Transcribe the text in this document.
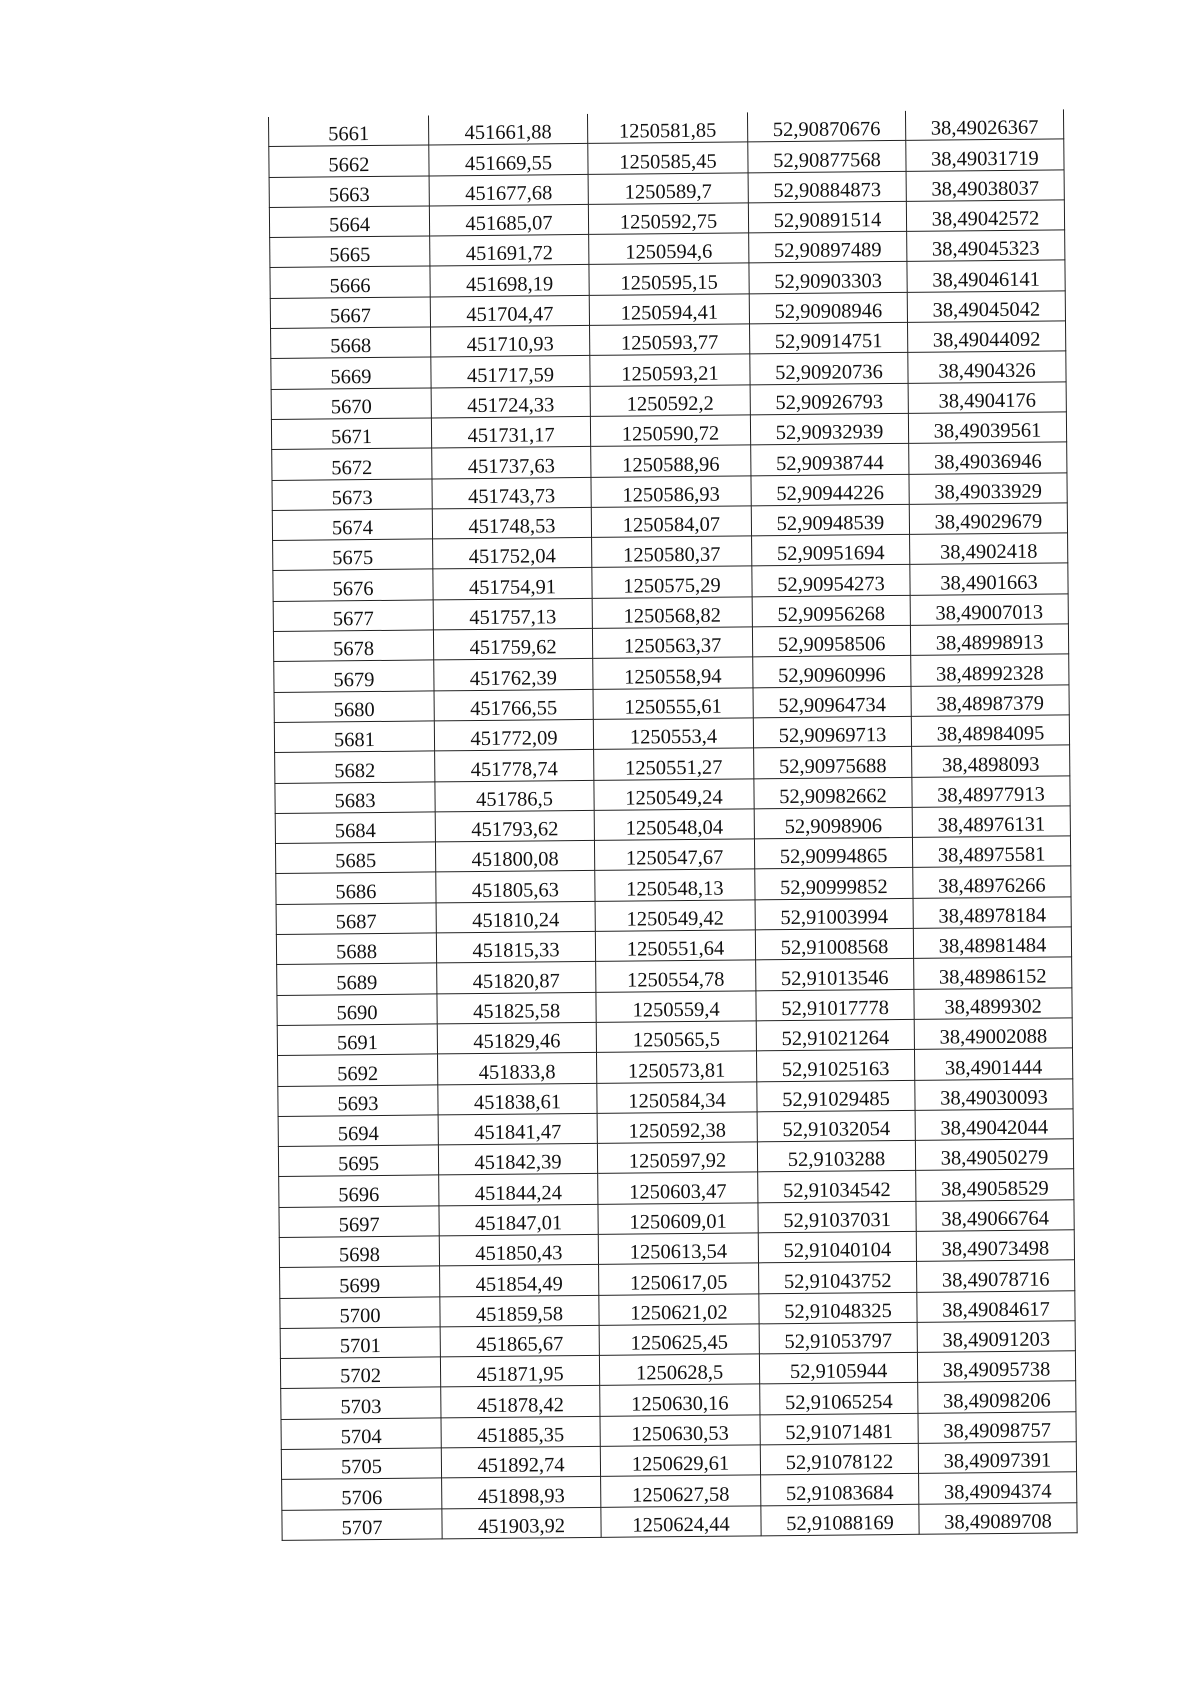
5661	451661,88	1250581,85	52,90870676	38,49026367
5662	451669,55	1250585,45	52,90877568	38,49031719
5663	451677,68	1250589,7	52,90884873	38,49038037
5664	451685,07	1250592,75	52,90891514	38,49042572
5665	451691,72	1250594,6	52,90897489	38,49045323
5666	451698,19	1250595,15	52,90903303	38,49046141
5667	451704,47	1250594,41	52,90908946	38,49045042
5668	451710,93	1250593,77	52,90914751	38,49044092
5669	451717,59	1250593,21	52,90920736	38,4904326
5670	451724,33	1250592,2	52,90926793	38,4904176
5671	451731,17	1250590,72	52,90932939	38,49039561
5672	451737,63	1250588,96	52,90938744	38,49036946
5673	451743,73	1250586,93	52,90944226	38,49033929
5674	451748,53	1250584,07	52,90948539	38,49029679
5675	451752,04	1250580,37	52,90951694	38,4902418
5676	451754,91	1250575,29	52,90954273	38,4901663
5677	451757,13	1250568,82	52,90956268	38,49007013
5678	451759,62	1250563,37	52,90958506	38,48998913
5679	451762,39	1250558,94	52,90960996	38,48992328
5680	451766,55	1250555,61	52,90964734	38,48987379
5681	451772,09	1250553,4	52,90969713	38,48984095
5682	451778,74	1250551,27	52,90975688	38,4898093
5683	451786,5	1250549,24	52,90982662	38,48977913
5684	451793,62	1250548,04	52,9098906	38,48976131
5685	451800,08	1250547,67	52,90994865	38,48975581
5686	451805,63	1250548,13	52,90999852	38,48976266
5687	451810,24	1250549,42	52,91003994	38,48978184
5688	451815,33	1250551,64	52,91008568	38,48981484
5689	451820,87	1250554,78	52,91013546	38,48986152
5690	451825,58	1250559,4	52,91017778	38,4899302
5691	451829,46	1250565,5	52,91021264	38,49002088
5692	451833,8	1250573,81	52,91025163	38,4901444
5693	451838,61	1250584,34	52,91029485	38,49030093
5694	451841,47	1250592,38	52,91032054	38,49042044
5695	451842,39	1250597,92	52,9103288	38,49050279
5696	451844,24	1250603,47	52,91034542	38,49058529
5697	451847,01	1250609,01	52,91037031	38,49066764
5698	451850,43	1250613,54	52,91040104	38,49073498
5699	451854,49	1250617,05	52,91043752	38,49078716
5700	451859,58	1250621,02	52,91048325	38,49084617
5701	451865,67	1250625,45	52,91053797	38,49091203
5702	451871,95	1250628,5	52,9105944	38,49095738
5703	451878,42	1250630,16	52,91065254	38,49098206
5704	451885,35	1250630,53	52,91071481	38,49098757
5705	451892,74	1250629,61	52,91078122	38,49097391
5706	451898,93	1250627,58	52,91083684	38,49094374
5707	451903,92	1250624,44	52,91088169	38,49089708
